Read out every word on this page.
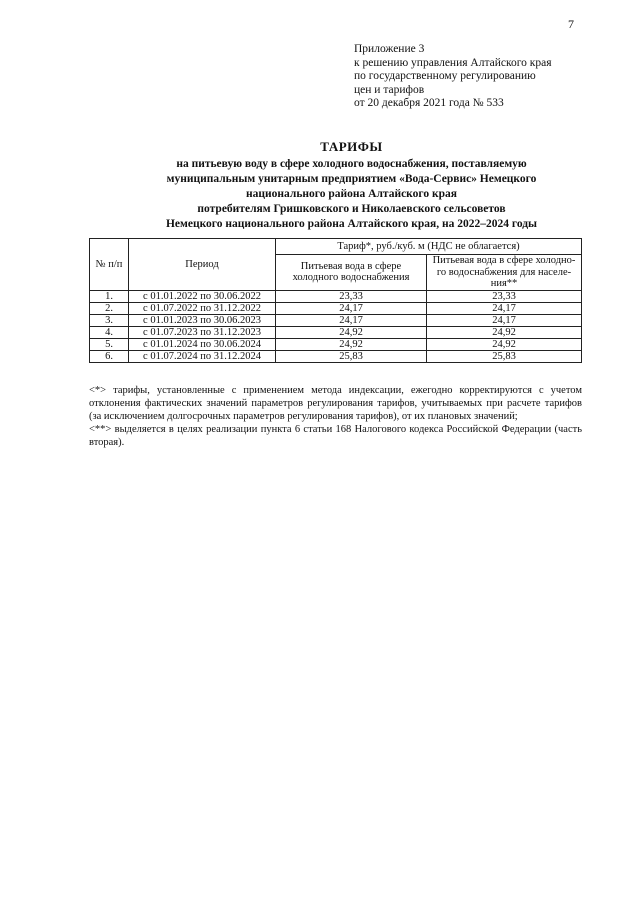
7
Приложение 3
к решению управления Алтайского края
по государственному регулированию
цен и тарифов
от 20 декабря 2021 года № 533
ТАРИФЫ
на питьевую воду в сфере холодного водоснабжения, поставляемую
муниципальным унитарным предприятием «Вода-Сервис» Немецкого
национального района Алтайского края
потребителям Гришковского и Николаевского сельсоветов
Немецкого национального района Алтайского края, на 2022–2024 годы
№ п/п	Период	Тариф*, руб./куб. м (НДС не облагается)	
		Питьевая вода в сфере холодного водоснабжения	Питьевая вода в сфере холодно-го водоснабжения для населе-ния**
1.	с 01.01.2022 по 30.06.2022	23,33	23,33
2.	с 01.07.2022 по 31.12.2022	24,17	24,17
3.	с 01.01.2023 по 30.06.2023	24,17	24,17
4.	с 01.07.2023 по 31.12.2023	24,92	24,92
5.	с 01.01.2024 по 30.06.2024	24,92	24,92
6.	с 01.07.2024 по 31.12.2024	25,83	25,83

<*> тарифы, установленные с применением метода индексации, ежегодно корректируются с учетом отклонения фактических значений параметров регулирования тарифов, учитываемых при расчете тарифов (за исключением долгосрочных параметров регулирования тарифов), от их плановых значений;

<**> выделяется в целях реализации пункта 6 статьи 168 Налогового кодекса Российской Федерации (часть вторая).
